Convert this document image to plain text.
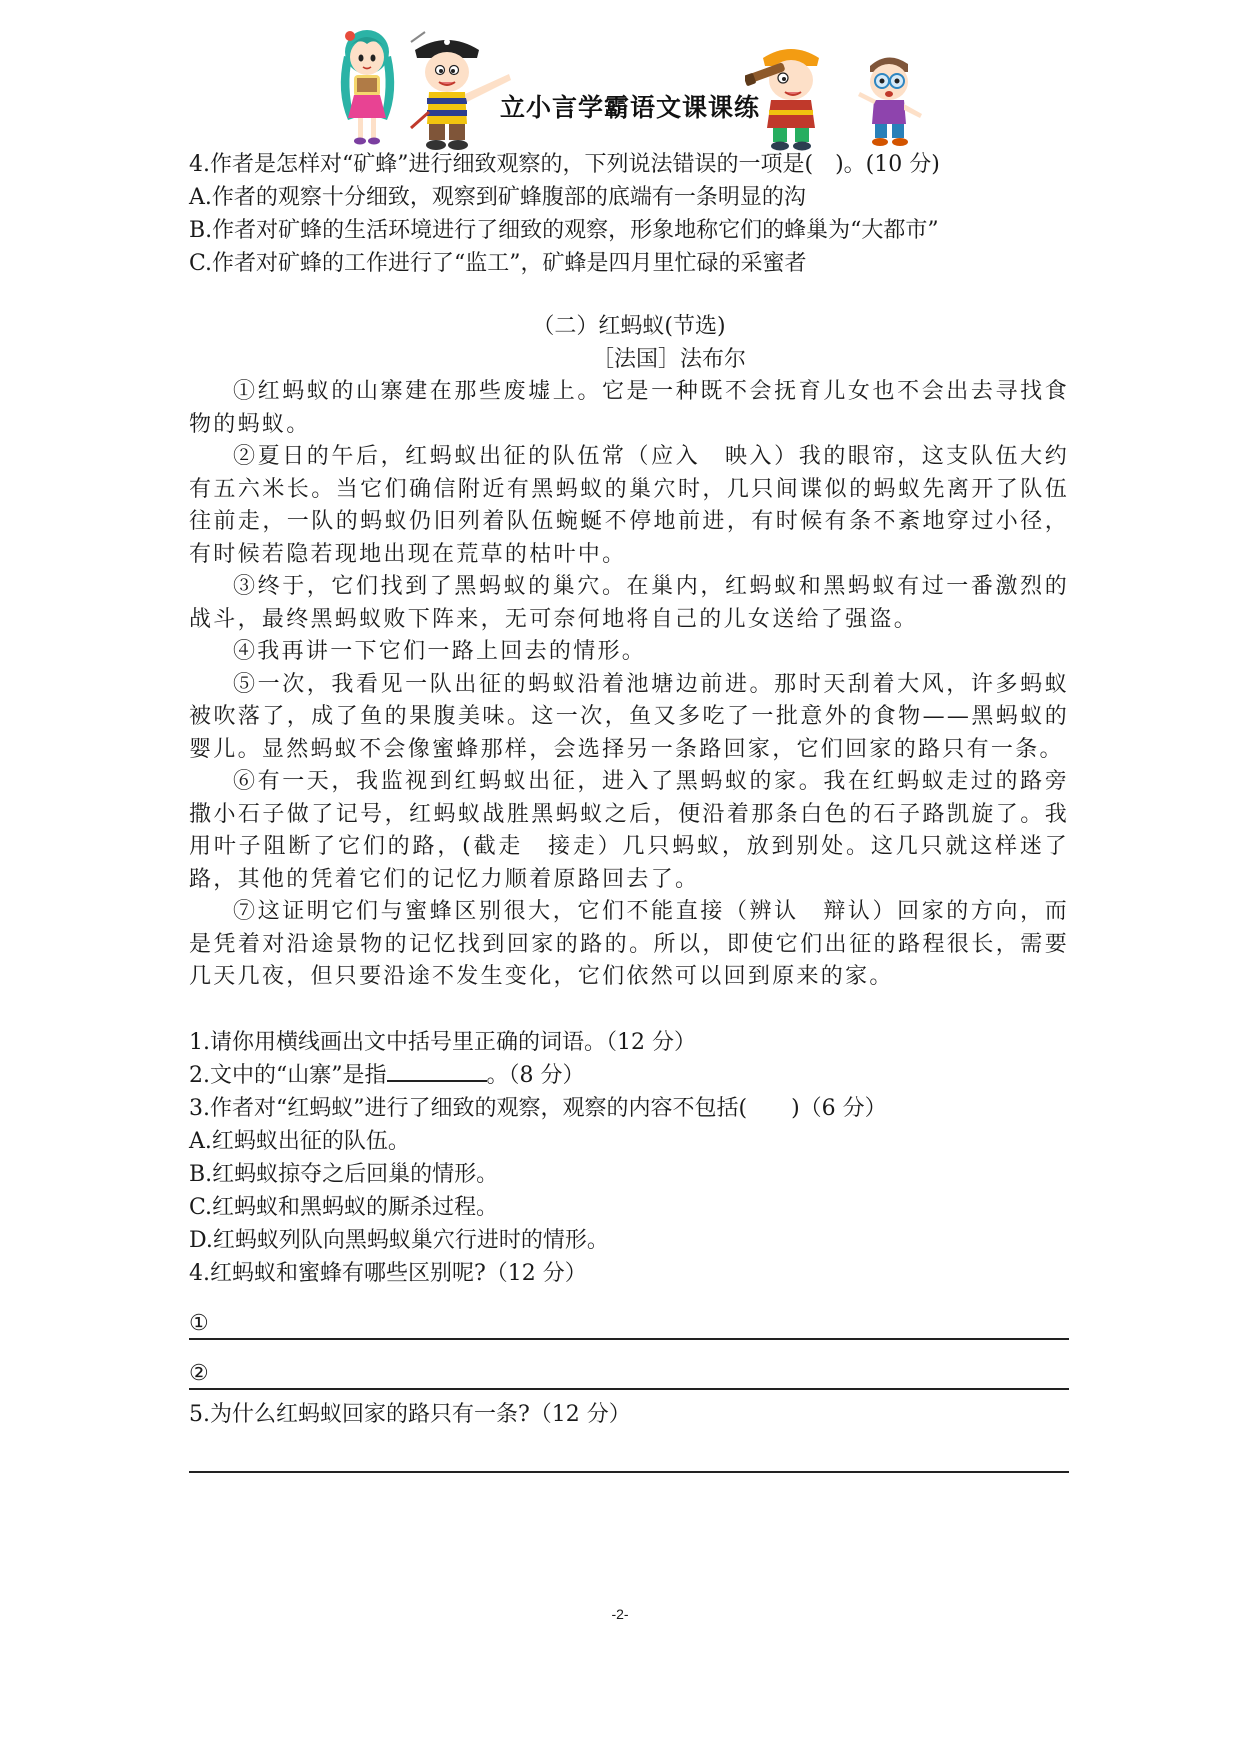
立小言学霸语文课课练

4.作者是怎样对“矿蜂”进行细致观察的，下列说法错误的一项是(　)。(10 分)

A.作者的观察十分细致，观察到矿蜂腹部的底端有一条明显的沟

B.作者对矿蜂的生活环境进行了细致的观察，形象地称它们的蜂巢为“大都市”

C.作者对矿蜂的工作进行了“监工”，矿蜂是四月里忙碌的采蜜者

（二）红蚂蚁(节选)

［法国］法布尔

①红蚂蚁的山寨建在那些废墟上。它是一种既不会抚育儿女也不会出去寻找食物的蚂蚁。

②夏日的午后，红蚂蚁出征的队伍常（应入　映入）我的眼帘，这支队伍大约有五六米长。当它们确信附近有黑蚂蚁的巢穴时，几只间谍似的蚂蚁先离开了队伍往前走，一队的蚂蚁仍旧列着队伍蜿蜒不停地前进，有时候有条不紊地穿过小径，有时候若隐若现地出现在荒草的枯叶中。

③终于，它们找到了黑蚂蚁的巢穴。在巢内，红蚂蚁和黑蚂蚁有过一番激烈的战斗，最终黑蚂蚁败下阵来，无可奈何地将自己的儿女送给了强盗。

④我再讲一下它们一路上回去的情形。

⑤一次，我看见一队出征的蚂蚁沿着池塘边前进。那时天刮着大风，许多蚂蚁被吹落了，成了鱼的果腹美味。这一次，鱼又多吃了一批意外的食物——黑蚂蚁的婴儿。显然蚂蚁不会像蜜蜂那样，会选择另一条路回家，它们回家的路只有一条。

⑥有一天，我监视到红蚂蚁出征，进入了黑蚂蚁的家。我在红蚂蚁走过的路旁撒小石子做了记号，红蚂蚁战胜黑蚂蚁之后，便沿着那条白色的石子路凯旋了。我用叶子阻断了它们的路，(截走　接走）几只蚂蚁，放到别处。这几只就这样迷了路，其他的凭着它们的记忆力顺着原路回去了。

⑦这证明它们与蜜蜂区别很大，它们不能直接（辨认　辩认）回家的方向，而是凭着对沿途景物的记忆找到回家的路的。所以，即使它们出征的路程很长，需要几天几夜，但只要沿途不发生变化，它们依然可以回到原来的家。

1.请你用横线画出文中括号里正确的词语。（12 分）

2.文中的“山寨”是指	。（8 分）

3.作者对“红蚂蚁”进行了细致的观察，观察的内容不包括(　　)（6 分）

A.红蚂蚁出征的队伍。

B.红蚂蚁掠夺之后回巢的情形。

C.红蚂蚁和黑蚂蚁的厮杀过程。

D.红蚂蚁列队向黑蚂蚁巢穴行进时的情形。

4.红蚂蚁和蜜蜂有哪些区别呢?（12 分）

①
②

5.为什么红蚂蚁回家的路只有一条?（12 分）

-2-
